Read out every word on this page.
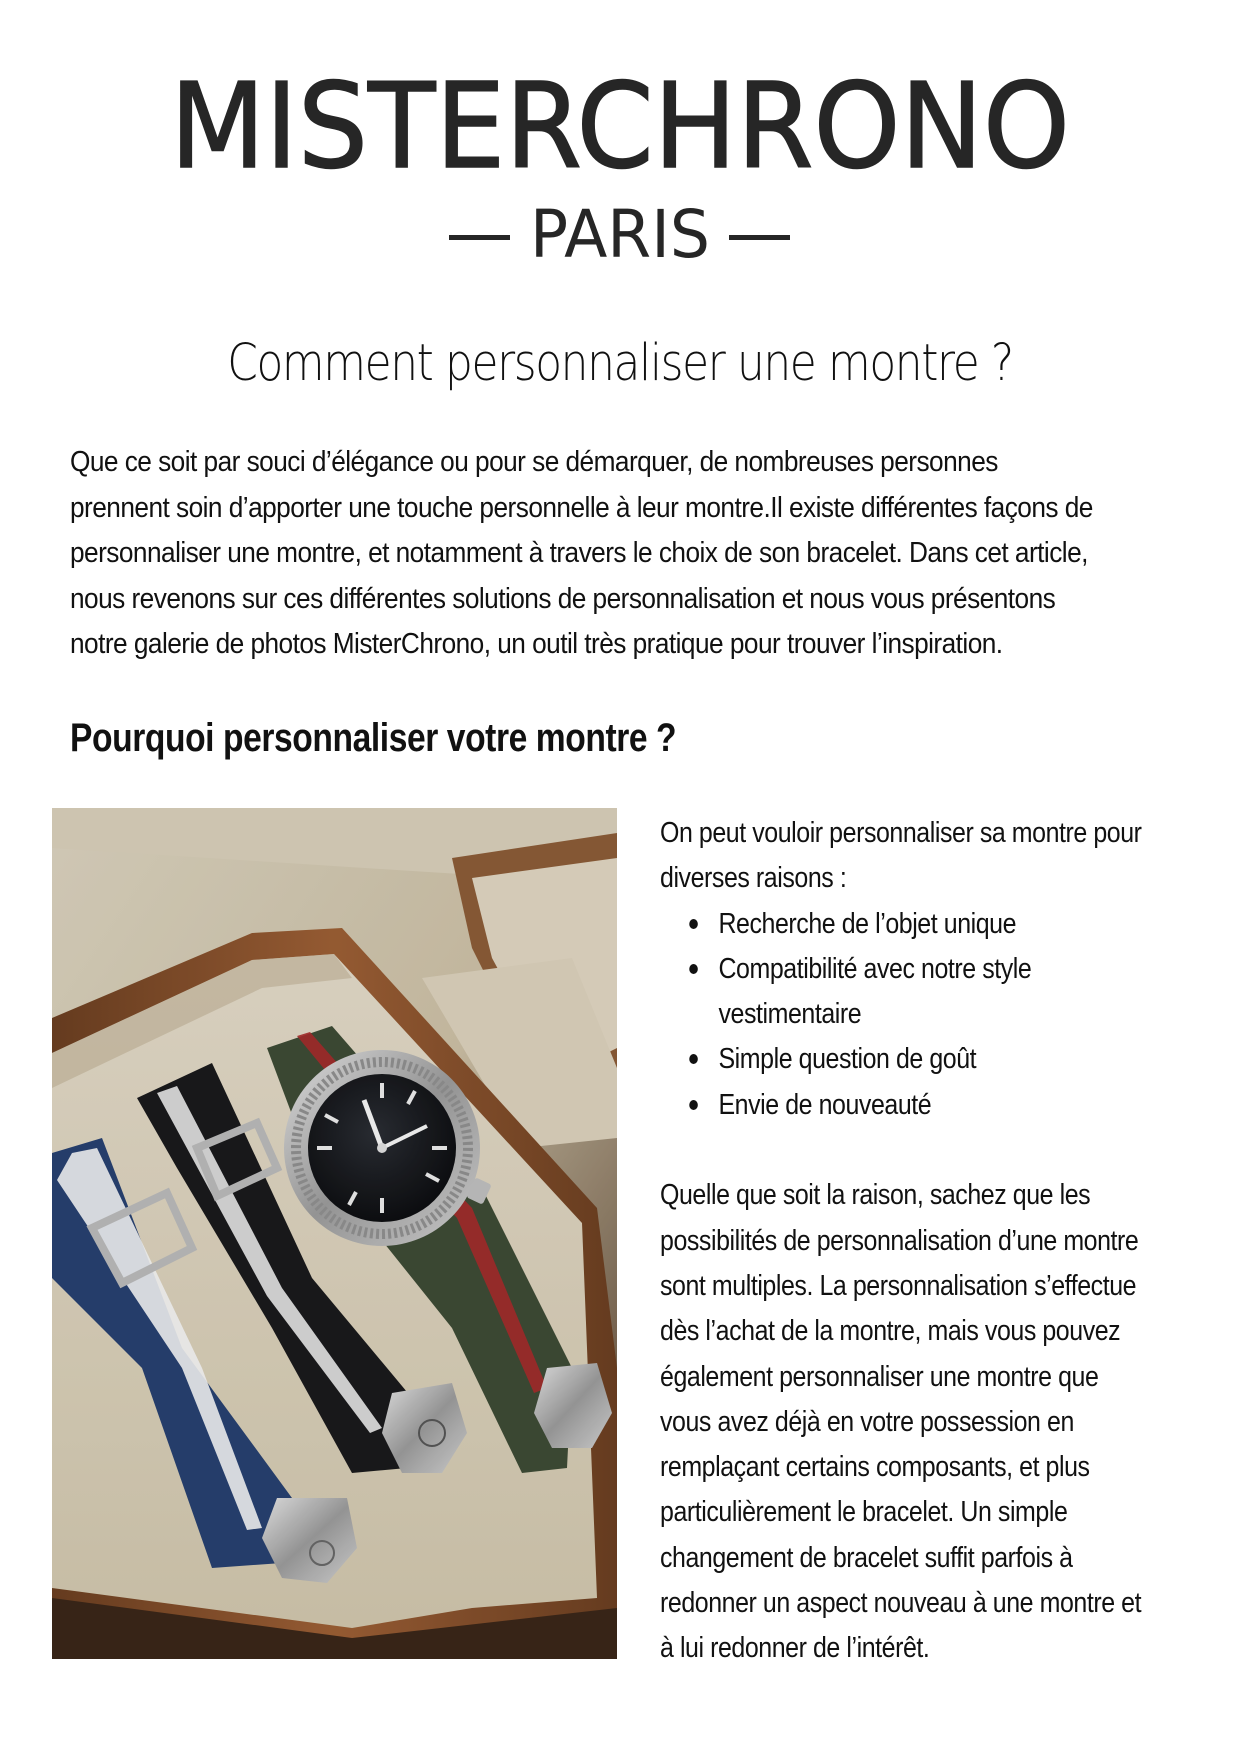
MISTERCHRONO
PARIS
Comment personnaliser une montre ?

Que ce soit par souci d’élégance ou pour se démarquer, de nombreuses personnes prennent soin d’apporter une touche personnelle à leur montre.Il existe différentes façons de personnaliser une montre, et notamment à travers le choix de son bracelet. Dans cet article, nous revenons sur ces différentes solutions de personnalisation et nous vous présentons notre galerie de photos MisterChrono, un outil très pratique pour trouver l’inspiration.

Pourquoi personnaliser votre montre ?

On peut vouloir personnaliser sa montre pour diverses raisons :

Recherche de l’objet unique
Compatibilité avec notre style vestimentaire
Simple question de goût
Envie de nouveauté

Quelle que soit la raison, sachez que les possibilités de personnalisation d’une montre sont multiples. La personnalisation s’effectue dès l’achat de la montre, mais vous pouvez également personnaliser une montre que vous avez déjà en votre possession en remplaçant certains composants, et plus particulièrement le bracelet. Un simple changement de bracelet suffit parfois à redonner un aspect nouveau à une montre et à lui redonner de l’intérêt.
